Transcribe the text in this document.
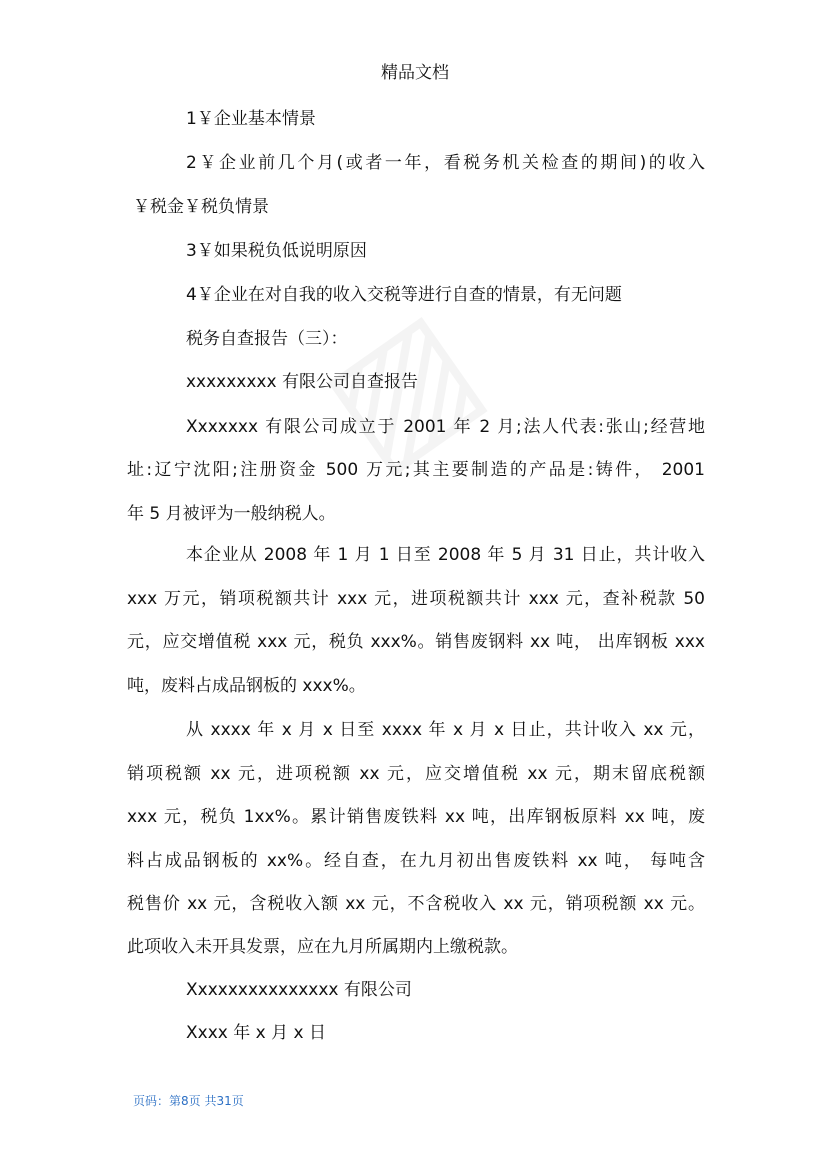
精品文档
1￥企业基本情景
2￥企业前几个月(或者一年，看税务机关检查的期间)的收入
￥税金￥税负情景
3￥如果税负低说明原因
4￥企业在对自我的收入交税等进行自查的情景，有无问题
税务自查报告（三）：
xxxxxxxxx 有限公司自查报告
Xxxxxxx 有限公司成立于 2001 年 2 月;法人代表:张山;经营地
址:辽宁沈阳;注册资金 500 万元;其主要制造的产品是:铸件， 2001
年 5 月被评为一般纳税人。
本企业从 2008 年 1 月 1 日至 2008 年 5 月 31 日止，共计收入
xxx 万元，销项税额共计 xxx 元，进项税额共计 xxx 元，查补税款 50
元，应交增值税 xxx 元，税负 xxx%。销售废钢料 xx 吨， 出库钢板 xxx
吨，废料占成品钢板的 xxx%。
从 xxxx 年 x 月 x 日至 xxxx 年 x 月 x 日止，共计收入 xx 元，
销项税额 xx 元，进项税额 xx 元，应交增值税 xx 元，期末留底税额
xxx 元，税负 1xx%。累计销售废铁料 xx 吨，出库钢板原料 xx 吨，废
料占成品钢板的 xx%。经自查，在九月初出售废铁料 xx 吨， 每吨含
税售价 xx 元，含税收入额 xx 元，不含税收入 xx 元，销项税额 xx 元。
此项收入未开具发票，应在九月所属期内上缴税款。
Xxxxxxxxxxxxxxx 有限公司
Xxxx 年 x 月 x 日
页码：第8页 共31页
